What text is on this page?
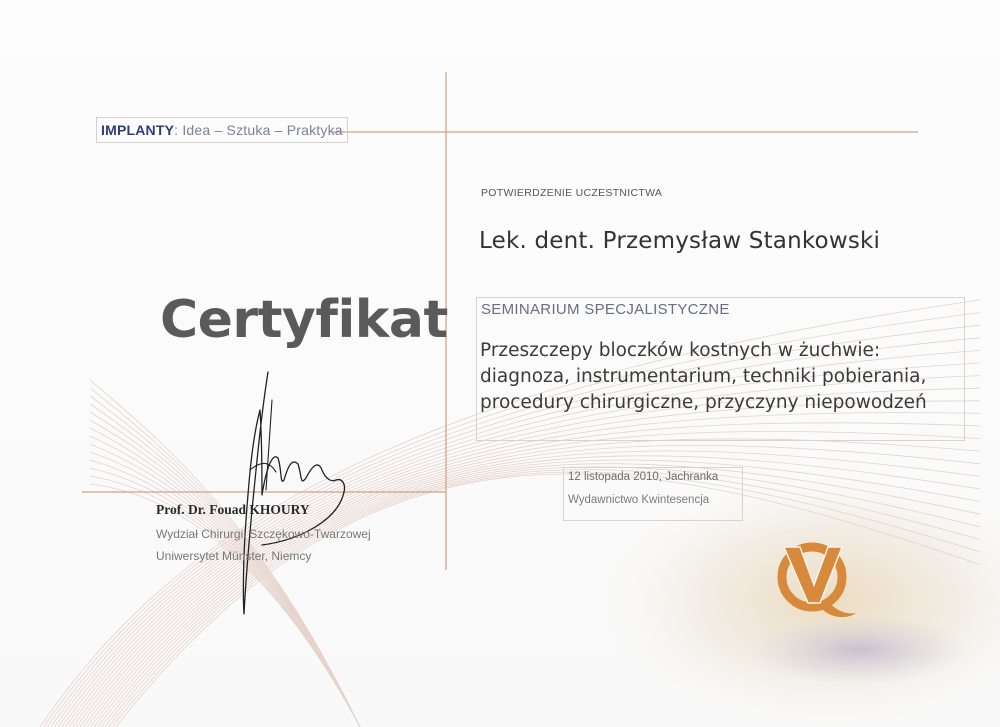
IMPLANTY: Idea – Sztuka – Praktyka
POTWIERDZENIE UCZESTNICTWA
Lek. dent. Przemysław Stankowski
Certyfikat SEMINARIUM SPECJALISTYCZNE
Przeszczepy bloczków kostnych w żuchwie:
diagnoza, instrumentarium, techniki pobierania,
procedury chirurgiczne, przyczyny niepowodzeń
12 listopada 2010, Jachranka
Wydawnictwo Kwintesencja
Prof. Dr. Fouad KHOURY
Wydział Chirurgii Szczękowo-Twarzowej
Uniwersytet Münster, Niemcy
